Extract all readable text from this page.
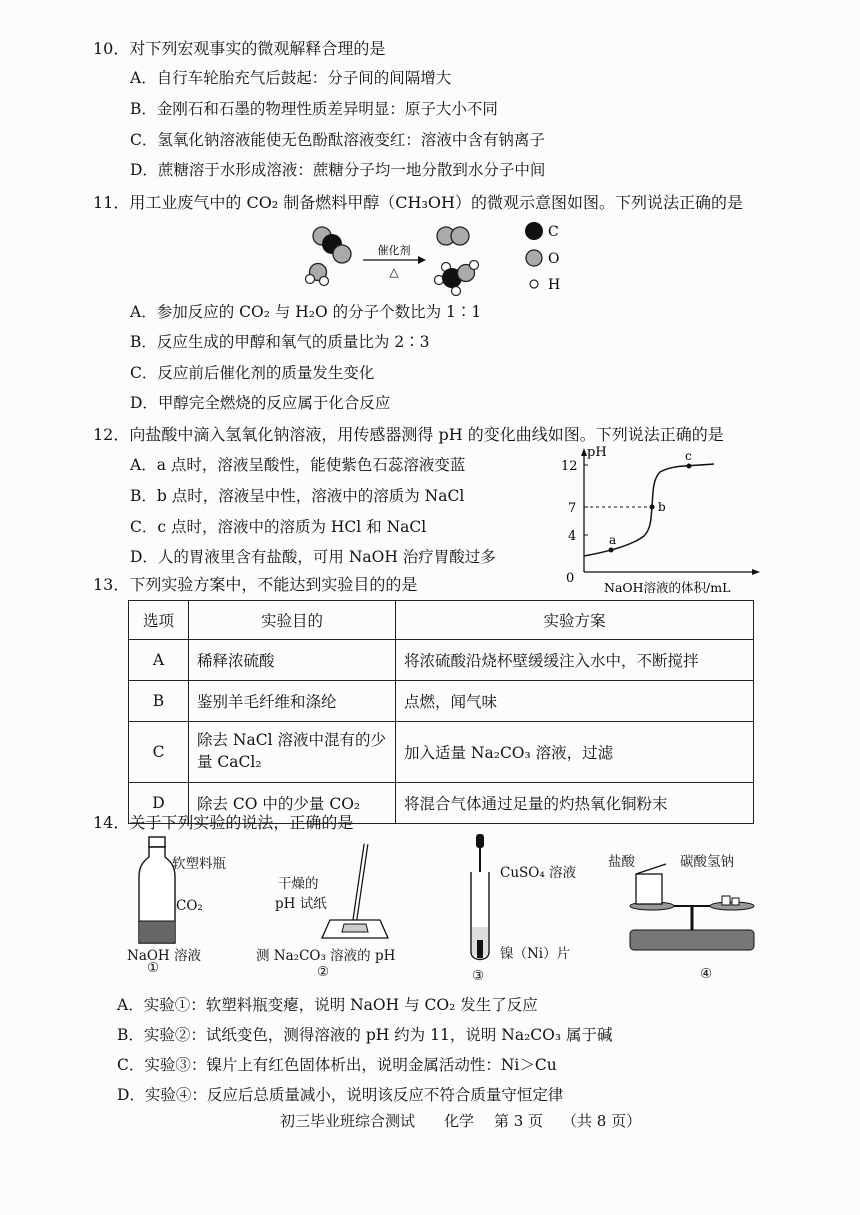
10．对下列宏观事实的微观解释合理的是
A．自行车轮胎充气后鼓起：分子间的间隔增大
B．金刚石和石墨的物理性质差异明显：原子大小不同
C．氢氧化钠溶液能使无色酚酞溶液变红：溶液中含有钠离子
D．蔗糖溶于水形成溶液：蔗糖分子均一地分散到水分子中间
11．用工业废气中的 CO₂ 制备燃料甲醇（CH₃OH）的微观示意图如图。下列说法正确的是
催化剂
△
C
O
H
A．参加反应的 CO₂ 与 H₂O 的分子个数比为 1∶1
B．反应生成的甲醇和氧气的质量比为 2∶3
C．反应前后催化剂的质量发生变化
D．甲醇完全燃烧的反应属于化合反应
12．向盐酸中滴入氢氧化钠溶液，用传感器测得 pH 的变化曲线如图。下列说法正确的是
A．a 点时，溶液呈酸性，能使紫色石蕊溶液变蓝
B．b 点时，溶液呈中性，溶液中的溶质为 NaCl
C．c 点时，溶液中的溶质为 HCl 和 NaCl
D．人的胃液里含有盐酸，可用 NaOH 治疗胃酸过多
pH
0
4
7
12
a
b
c
NaOH溶液的体积/mL
13．下列实验方案中，不能达到实验目的的是
选项	实验目的	实验方案
A	稀释浓硫酸	将浓硫酸沿烧杯壁缓缓注入水中，不断搅拌
B	鉴别羊毛纤维和涤纶	点燃，闻气味
C	除去 NaCl 溶液中混有的少量 CaCl₂	加入适量 Na₂CO₃ 溶液，过滤
D	除去 CO 中的少量 CO₂	将混合气体通过足量的灼热氧化铜粉末
14．关于下列实验的说法，正确的是
软塑料瓶
CO₂
NaOH 溶液
①
干燥的
pH 试纸
测 Na₂CO₃ 溶液的 pH
②
CuSO₄ 溶液
镍（Ni）片
③
盐酸	碳酸氢钠
④
A．实验①：软塑料瓶变瘪，说明 NaOH 与 CO₂ 发生了反应
B．实验②：试纸变色，测得溶液的 pH 约为 11，说明 Na₂CO₃ 属于碱
C．实验③：镍片上有红色固体析出，说明金属活动性：Ni＞Cu
D．实验④：反应后总质量减小，说明该反应不符合质量守恒定律
初三毕业班综合测试 化学 第 3 页 （共 8 页）
